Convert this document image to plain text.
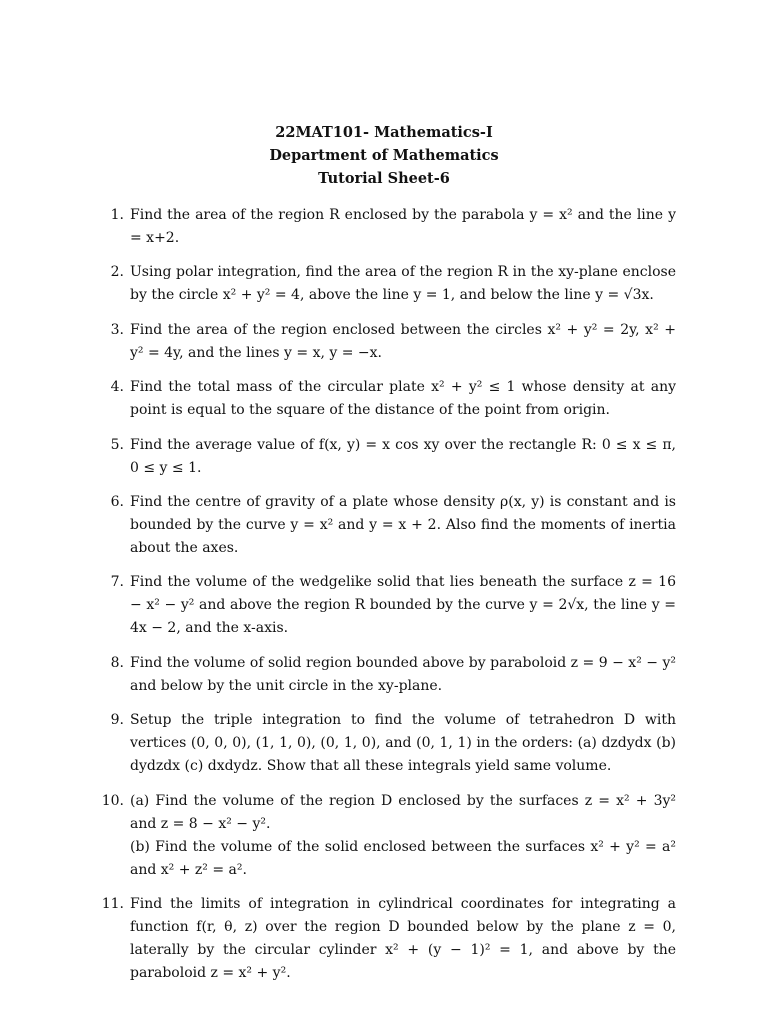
22MAT101- Mathematics-I
Department of Mathematics
Tutorial Sheet-6
1. Find the area of the region R enclosed by the parabola y = x² and the line y = x+2.
2. Using polar integration, find the area of the region R in the xy-plane enclose by the circle x² + y² = 4, above the line y = 1, and below the line y = √3x.
3. Find the area of the region enclosed between the circles x² + y² = 2y, x² + y² = 4y, and the lines y = x, y = −x.
4. Find the total mass of the circular plate x² + y² ≤ 1 whose density at any point is equal to the square of the distance of the point from origin.
5. Find the average value of f(x, y) = x cos xy over the rectangle R: 0 ≤ x ≤ π, 0 ≤ y ≤ 1.
6. Find the centre of gravity of a plate whose density ρ(x, y) is constant and is bounded by the curve y = x² and y = x + 2. Also find the moments of inertia about the axes.
7. Find the volume of the wedgelike solid that lies beneath the surface z = 16 − x² − y² and above the region R bounded by the curve y = 2√x, the line y = 4x − 2, and the x-axis.
8. Find the volume of solid region bounded above by paraboloid z = 9 − x² − y² and below by the unit circle in the xy-plane.
9. Setup the triple integration to find the volume of tetrahedron D with vertices (0, 0, 0), (1, 1, 0), (0, 1, 0), and (0, 1, 1) in the orders: (a) dzdydx (b) dydzdx (c) dxdydz. Show that all these integrals yield same volume.
10. (a) Find the volume of the region D enclosed by the surfaces z = x² + 3y² and z = 8 − x² − y².

(b) Find the volume of the solid enclosed between the surfaces x² + y² = a² and x² + z² = a².

11. Find the limits of integration in cylindrical coordinates for integrating a function f(r, θ, z) over the region D bounded below by the plane z = 0, laterally by the circular cylinder x² + (y − 1)² = 1, and above by the paraboloid z = x² + y².
